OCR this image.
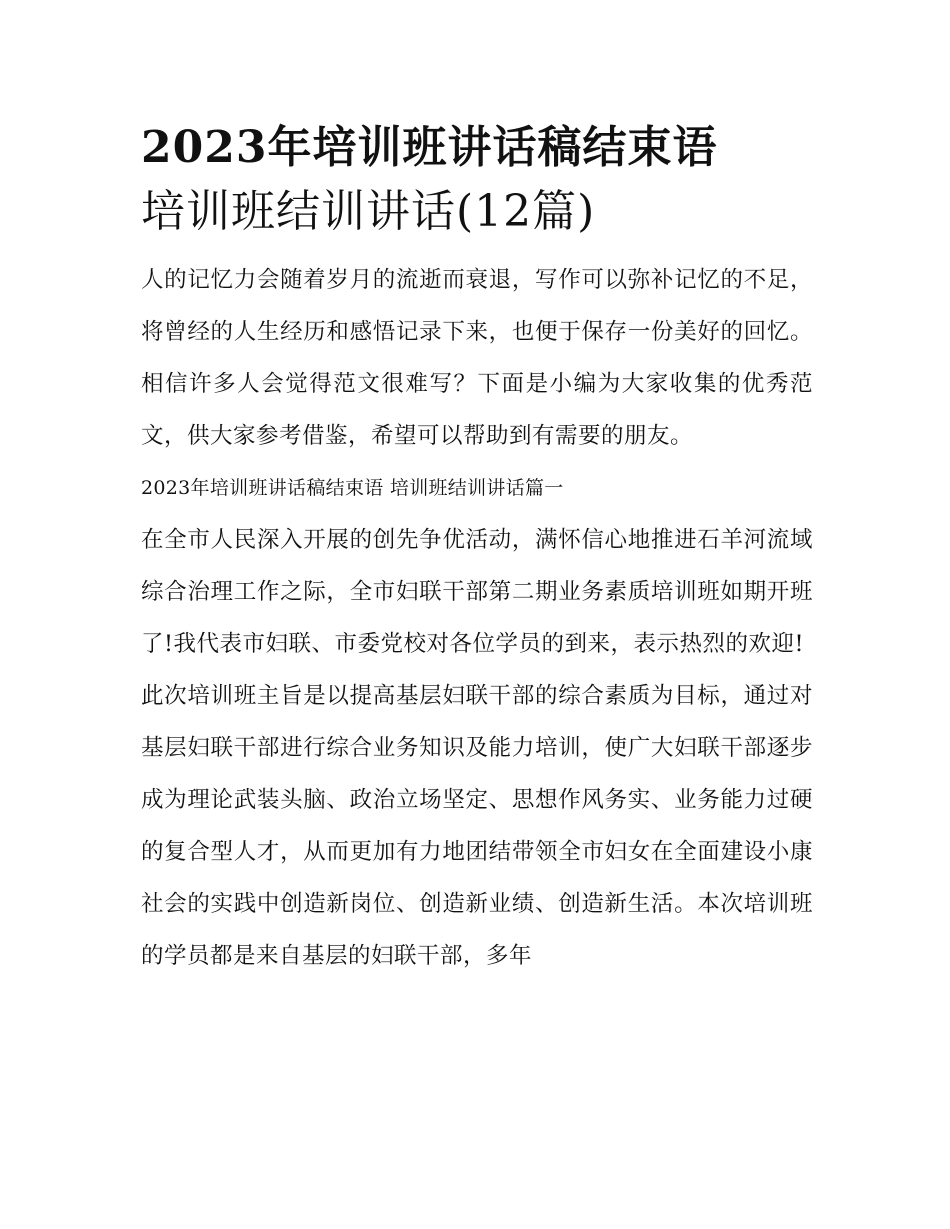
2023年培训班讲话稿结束语
培训班结训讲话(12篇)

人的记忆力会随着岁月的流逝而衰退，写作可以弥补记忆的不足，将曾经的人生经历和感悟记录下来，也便于保存一份美好的回忆。相信许多人会觉得范文很难写？下面是小编为大家收集的优秀范文，供大家参考借鉴，希望可以帮助到有需要的朋友。

2023年培训班讲话稿结束语 培训班结训讲话篇一

在全市人民深入开展的创先争优活动，满怀信心地推进石羊河流域综合治理工作之际，全市妇联干部第二期业务素质培训班如期开班了!我代表市妇联、市委党校对各位学员的到来，表示热烈的欢迎!

此次培训班主旨是以提高基层妇联干部的综合素质为目标，通过对基层妇联干部进行综合业务知识及能力培训，使广大妇联干部逐步成为理论武装头脑、政治立场坚定、思想作风务实、业务能力过硬的复合型人才，从而更加有力地团结带领全市妇女在全面建设小康社会的实践中创造新岗位、创造新业绩、创造新生活。本次培训班的学员都是来自基层的妇联干部，多年
